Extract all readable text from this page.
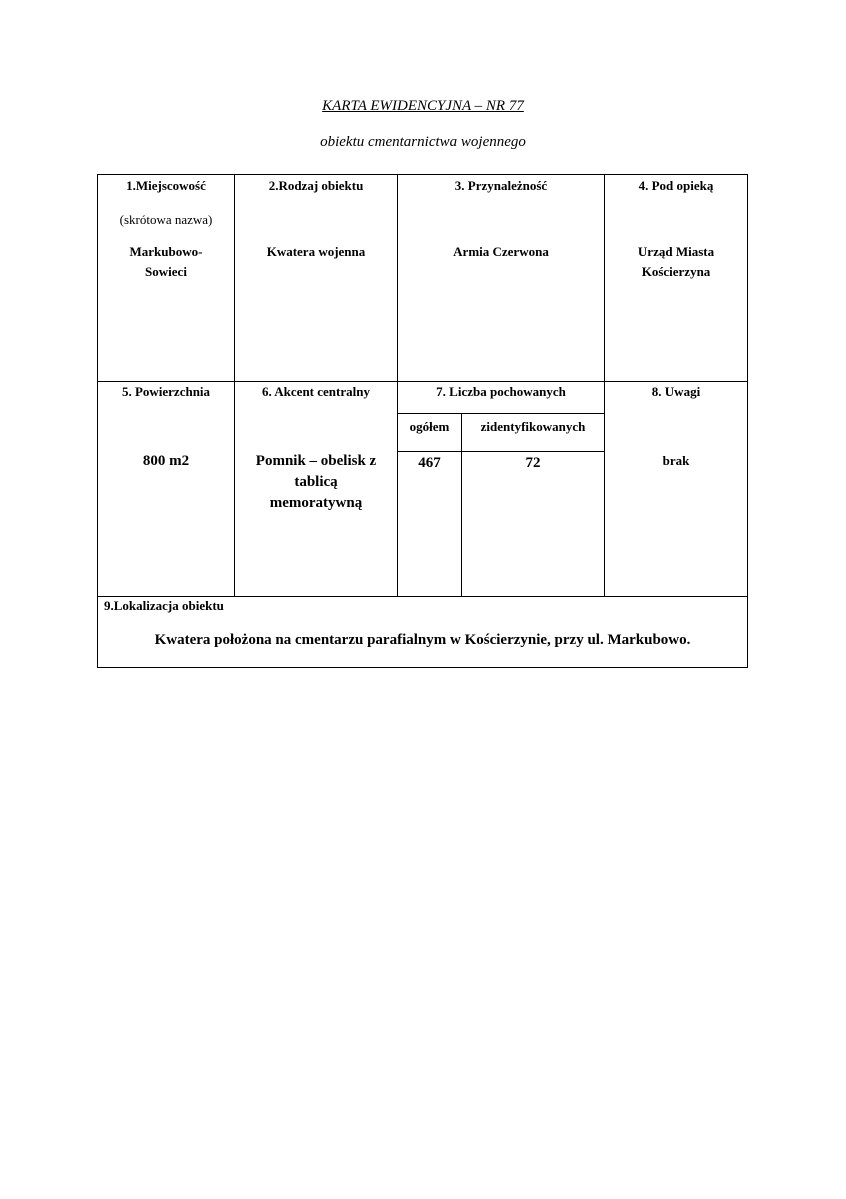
KARTA EWIDENCYJNA – NR 77
obiektu cmentarnictwa wojennego
1.Miejscowość
(skrótowa nazwa)
Markubowo-
Sowieci
2.Rodzaj obiektu
Kwatera wojenna
3. Przynależność
Armia Czerwona
4. Pod opieką
Urząd Miasta
Kościerzyna
5. Powierzchnia
800 m2
6. Akcent centralny
Pomnik – obelisk z
tablicą
memoratywną
7. Liczba pochowanych
ogółem	zidentyfikowanych
467	72
8. Uwagi
brak
9.Lokalizacja obiektu
Kwatera położona na cmentarzu parafialnym w Kościerzynie, przy ul. Markubowo.
